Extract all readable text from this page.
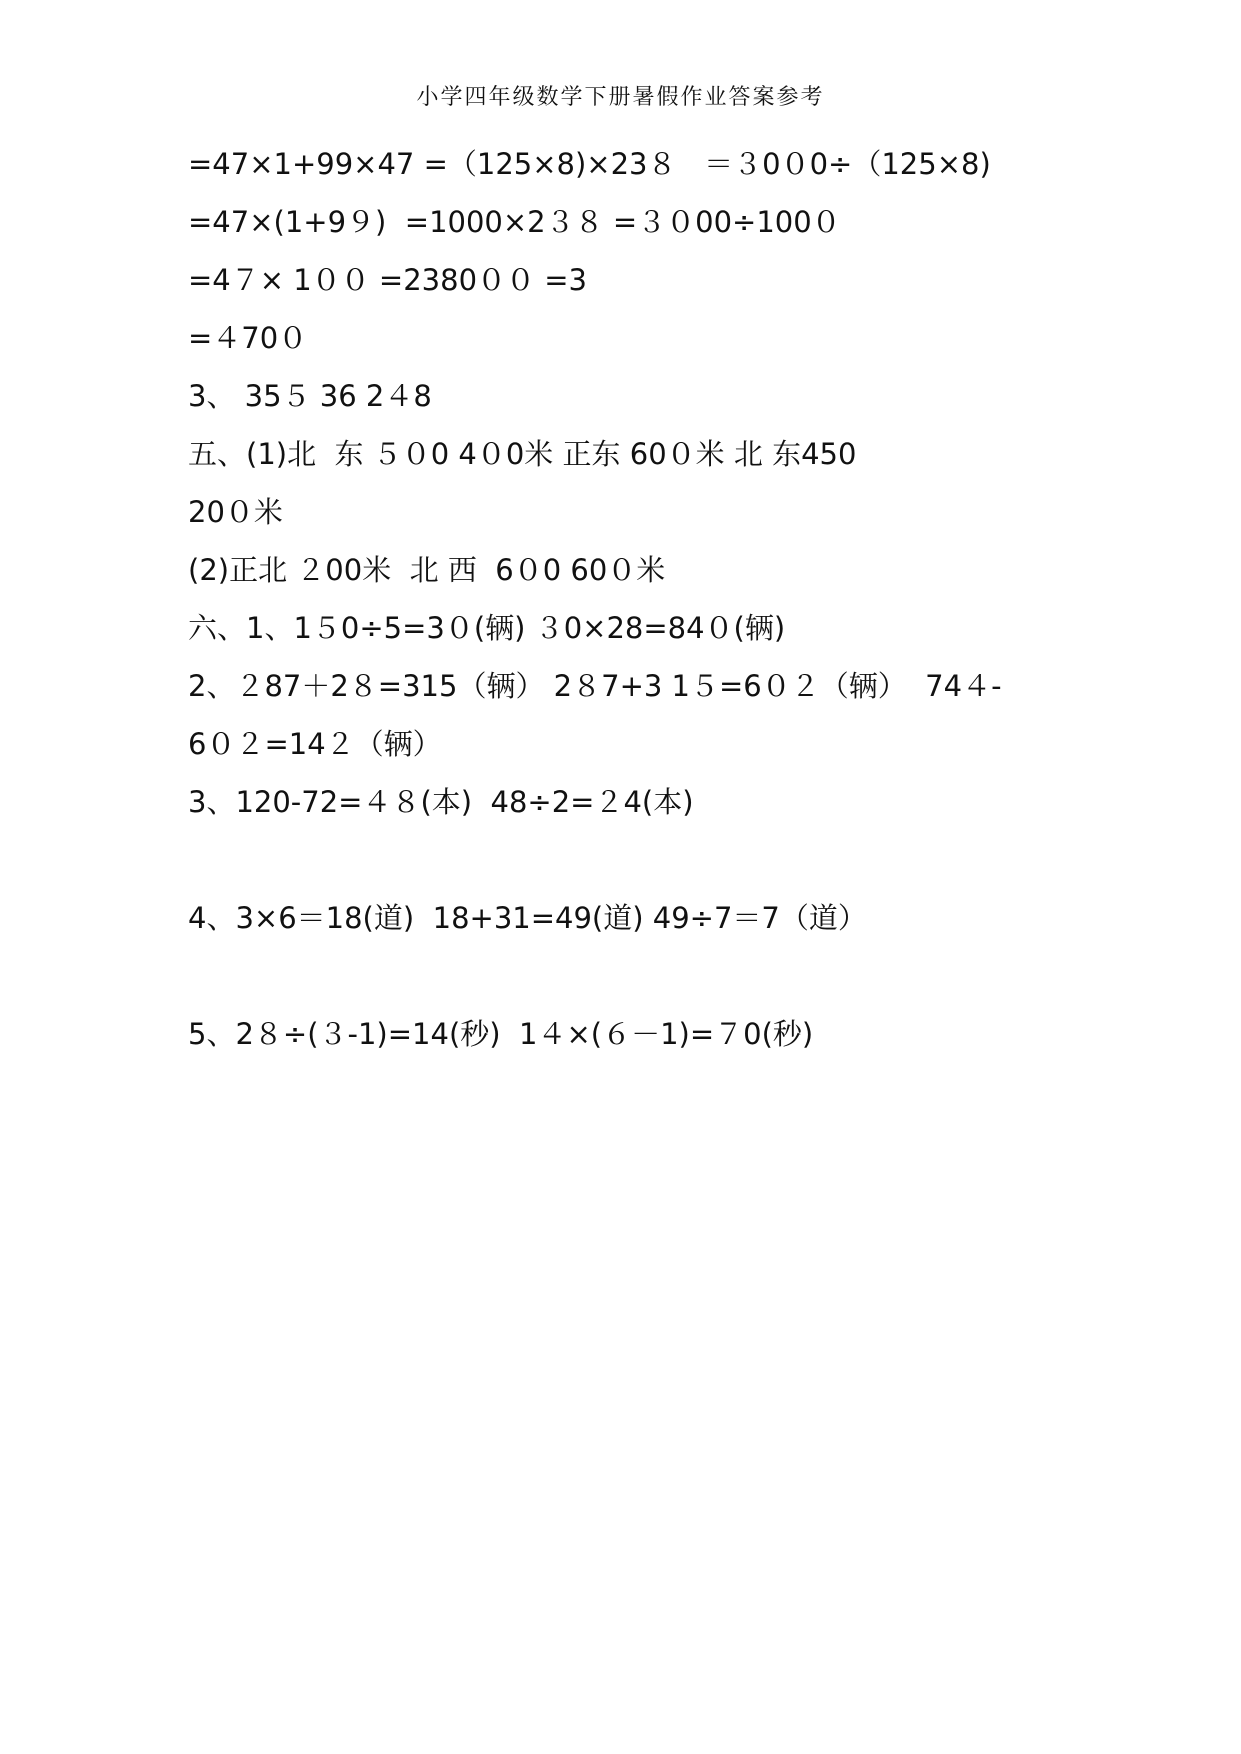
小学四年级数学下册暑假作业答案参考
=47×1+99×47 =（125×8)×23８   ＝３0０0÷（125×8)
=47×(1+9９)  =1000×2３８ =３０00÷100０
=4７× 1００ =2380００ =3
=４70０
3、 35５ 36 2４8
五、(1)北  东 ５０0 4０0米 正东 60０米 北 东450
20０米
(2)正北 ２00米  北 西  6０0 60０米
六、1、1５0÷5=3０(辆) ３0×28=84０(辆)
2、２87＋2８=315（辆） 2８7+3 1５=6０２（辆）  74４-
6０２=14２（辆）
3、120-72=４８(本)  48÷2=２4(本)
4、3×6＝18(道)  18+31=49(道) 49÷7＝7（道）
5、2８÷(３-1)=14(秒)  1４×(６－1)=７0(秒)
